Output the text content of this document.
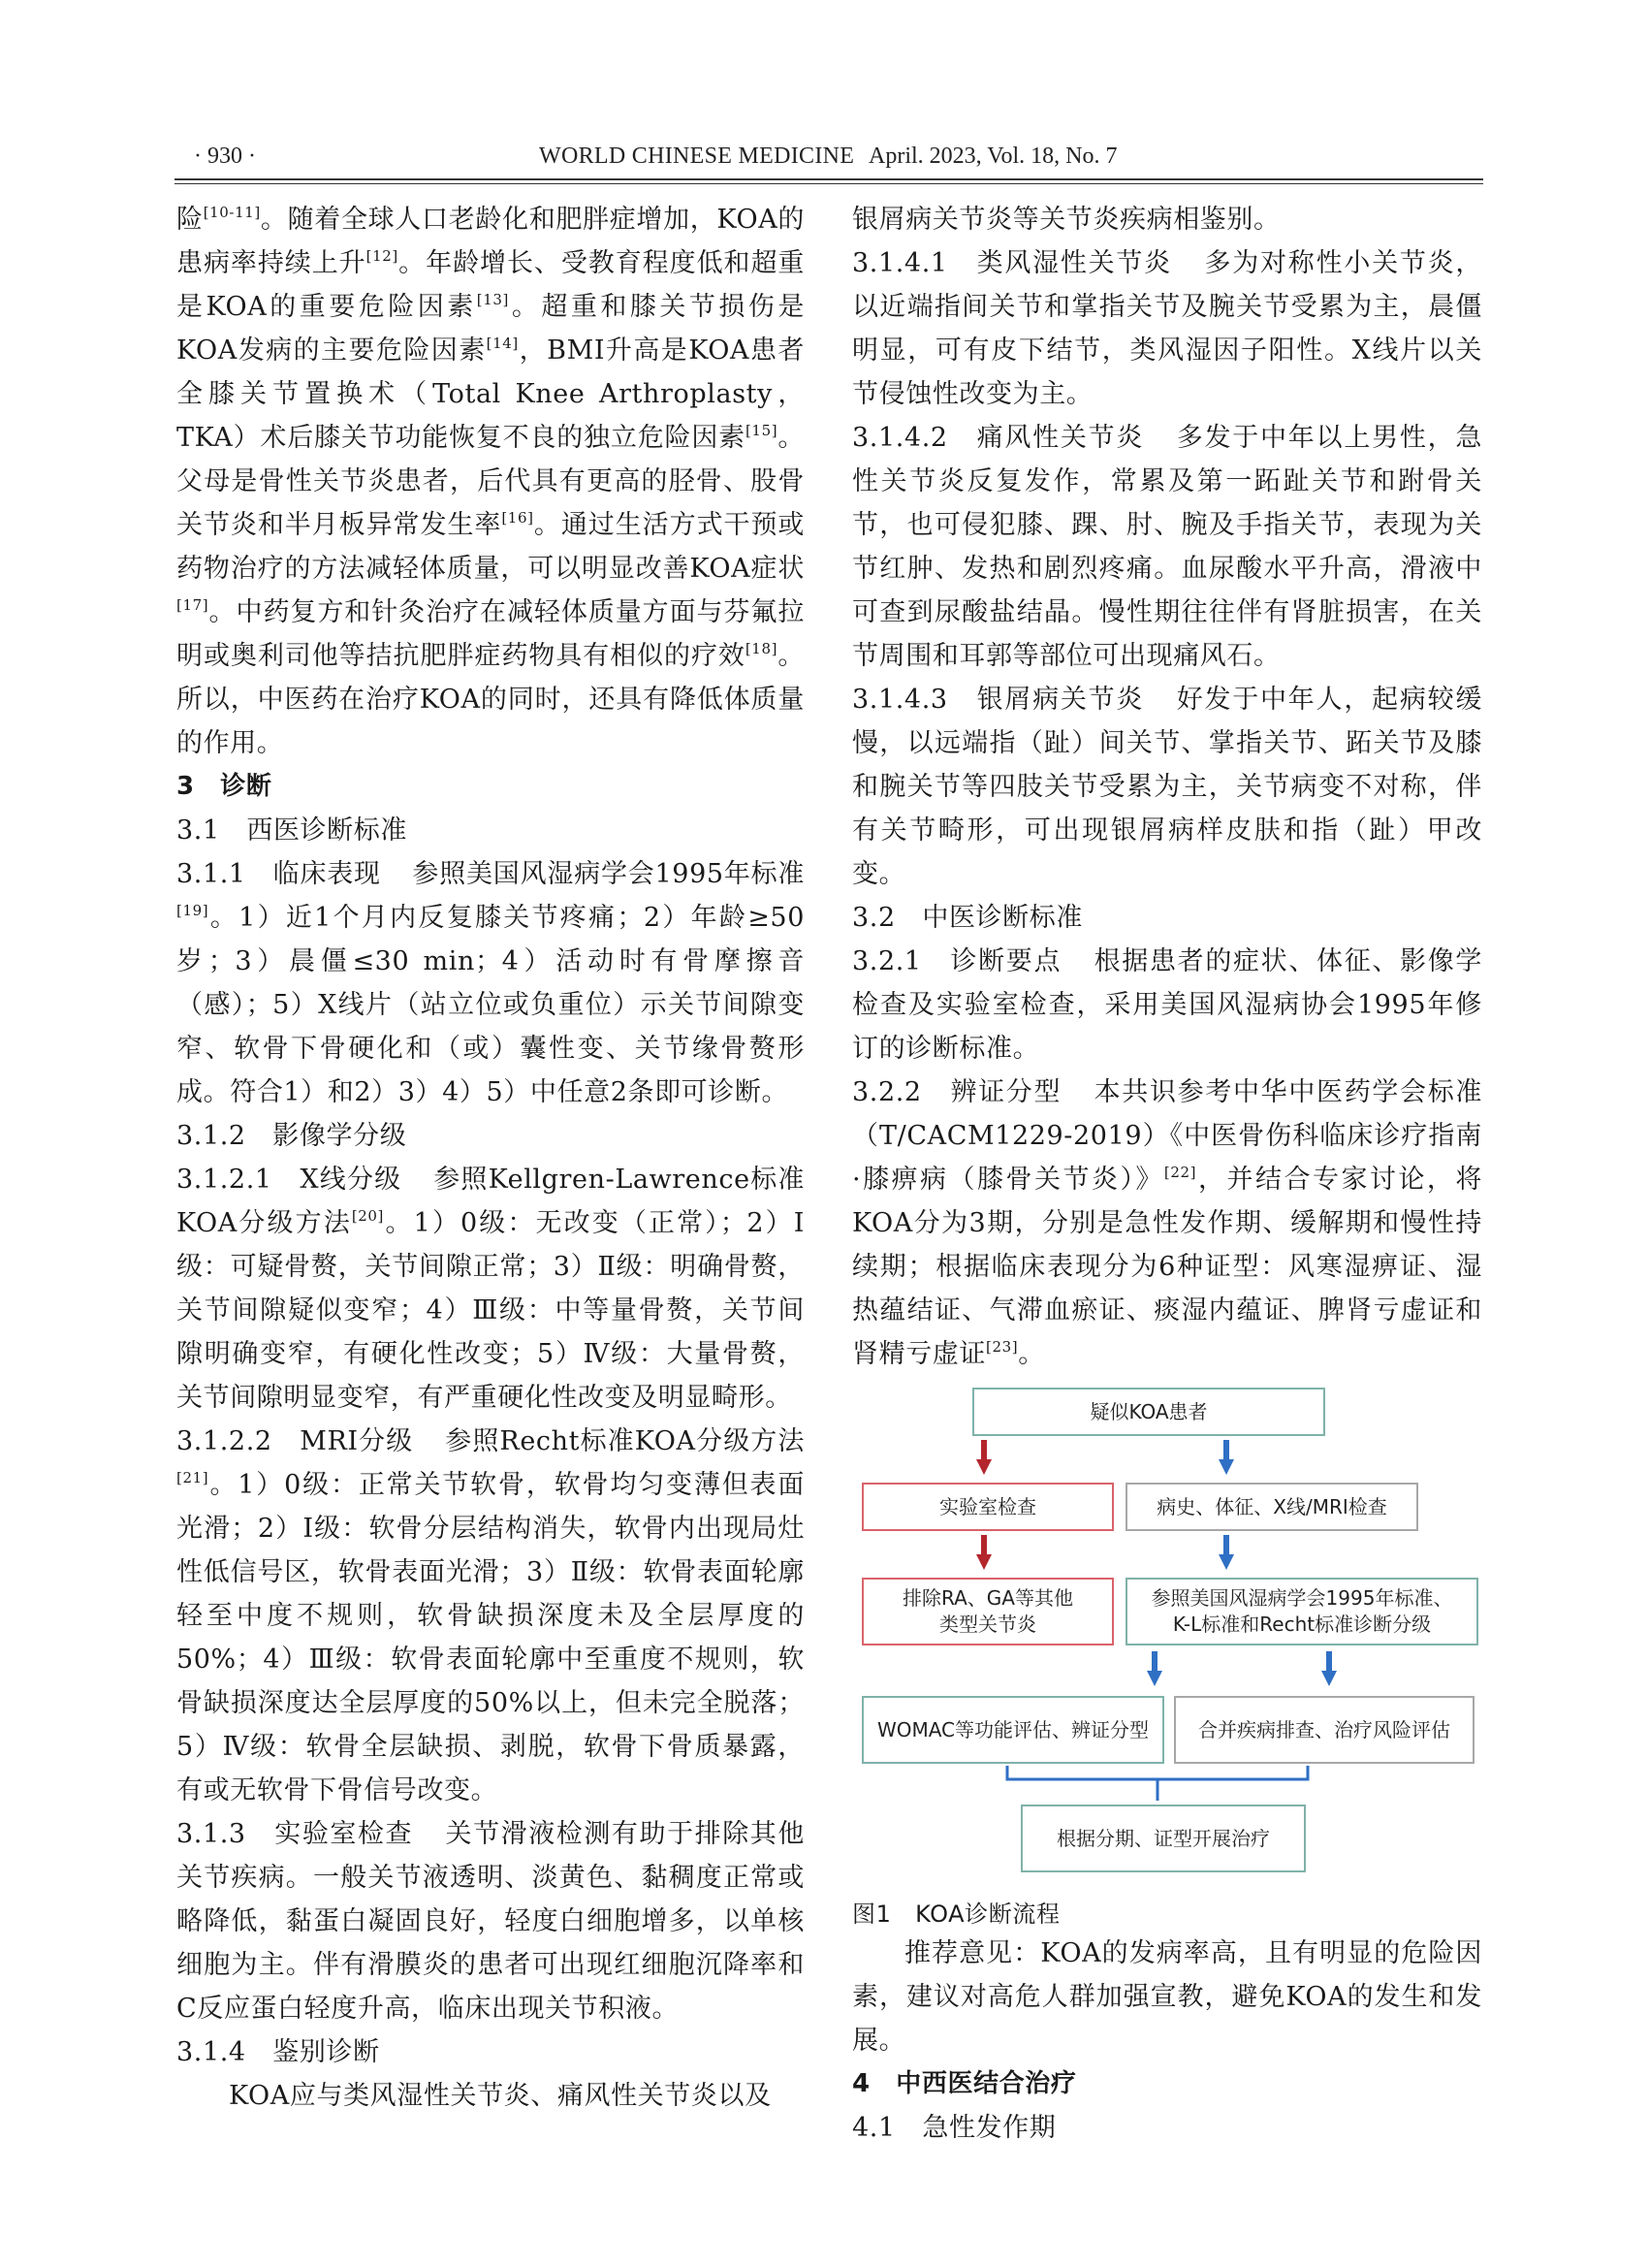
· 930 ·	WORLD CHINESE MEDICINE April. 2023, Vol. 18, No. 7

险[10-11]。随着全球人口老龄化和肥胖症增加，KOA的患病率持续上升[12]。年龄增长、受教育程度低和超重是KOA的重要危险因素[13]。超重和膝关节损伤是KOA发病的主要危险因素[14]，BMI升高是KOA患者全膝关节置换术（Total Knee Arthroplasty，TKA）术后膝关节功能恢复不良的独立危险因素[15]。父母是骨性关节炎患者，后代具有更高的胫骨、股骨关节炎和半月板异常发生率[16]。通过生活方式干预或药物治疗的方法减轻体质量，可以明显改善KOA症状[17]。中药复方和针灸治疗在减轻体质量方面与芬氟拉明或奥利司他等拮抗肥胖症药物具有相似的疗效[18]。所以，中医药在治疗KOA的同时，还具有降低体质量的作用。

3　诊断

3.1　西医诊断标准

3.1.1　临床表现 参照美国风湿病学会1995年标准[19]。1）近1个月内反复膝关节疼痛；2）年龄≥50岁；3）晨僵≤30 min；4）活动时有骨摩擦音（感）；5）X线片（站立位或负重位）示关节间隙变窄、软骨下骨硬化和（或）囊性变、关节缘骨赘形成。符合1）和2）3）4）5）中任意2条即可诊断。

3.1.2　影像学分级

3.1.2.1　X线分级 参照Kellgren-Lawrence标准KOA分级方法[20]。1）0级：无改变（正常）；2）Ⅰ级：可疑骨赘，关节间隙正常；3）Ⅱ级：明确骨赘，关节间隙疑似变窄；4）Ⅲ级：中等量骨赘，关节间隙明确变窄，有硬化性改变；5）Ⅳ级：大量骨赘，关节间隙明显变窄，有严重硬化性改变及明显畸形。

3.1.2.2　MRI分级 参照Recht标准KOA分级方法[21]。1）0级：正常关节软骨，软骨均匀变薄但表面光滑；2）Ⅰ级：软骨分层结构消失，软骨内出现局灶性低信号区，软骨表面光滑；3）Ⅱ级：软骨表面轮廓轻至中度不规则，软骨缺损深度未及全层厚度的50%；4）Ⅲ级：软骨表面轮廓中至重度不规则，软骨缺损深度达全层厚度的50%以上，但未完全脱落；5）Ⅳ级：软骨全层缺损、剥脱，软骨下骨质暴露，有或无软骨下骨信号改变。

3.1.3　实验室检查 关节滑液检测有助于排除其他关节疾病。一般关节液透明、淡黄色、黏稠度正常或略降低，黏蛋白凝固良好，轻度白细胞增多，以单核细胞为主。伴有滑膜炎的患者可出现红细胞沉降率和C反应蛋白轻度升高，临床出现关节积液。

3.1.4　鉴别诊断

KOA应与类风湿性关节炎、痛风性关节炎以及

银屑病关节炎等关节炎疾病相鉴别。

3.1.4.1　类风湿性关节炎 多为对称性小关节炎，以近端指间关节和掌指关节及腕关节受累为主，晨僵明显，可有皮下结节，类风湿因子阳性。X线片以关节侵蚀性改变为主。

3.1.4.2　痛风性关节炎 多发于中年以上男性，急性关节炎反复发作，常累及第一跖趾关节和跗骨关节，也可侵犯膝、踝、肘、腕及手指关节，表现为关节红肿、发热和剧烈疼痛。血尿酸水平升高，滑液中可查到尿酸盐结晶。慢性期往往伴有肾脏损害，在关节周围和耳郭等部位可出现痛风石。

3.1.4.3　银屑病关节炎 好发于中年人，起病较缓慢，以远端指（趾）间关节、掌指关节、跖关节及膝和腕关节等四肢关节受累为主，关节病变不对称，伴有关节畸形，可出现银屑病样皮肤和指（趾）甲改变。

3.2　中医诊断标准

3.2.1　诊断要点 根据患者的症状、体征、影像学检查及实验室检查，采用美国风湿病协会1995年修订的诊断标准。

3.2.2　辨证分型 本共识参考中华中医药学会标准（T/CACM1229-2019）《中医骨伤科临床诊疗指南·膝痹病（膝骨关节炎）》[22]，并结合专家讨论，将KOA分为3期，分别是急性发作期、缓解期和慢性持续期；根据临床表现分为6种证型：风寒湿痹证、湿热蕴结证、气滞血瘀证、痰湿内蕴证、脾肾亏虚证和肾精亏虚证[23]。

疑似KOA患者
实验室检查	病史、体征、X线/MRI检查
排除RA、GA等其他
类型关节炎
参照美国风湿病学会1995年标准、
K-L标准和Recht标准诊断分级
WOMAC等功能评估、辨证分型	合并疾病排查、治疗风险评估
根据分期、证型开展治疗

图1　KOA诊断流程

推荐意见：KOA的发病率高，且有明显的危险因素，建议对高危人群加强宣教，避免KOA的发生和发展。

4　中西医结合治疗

4.1　急性发作期
